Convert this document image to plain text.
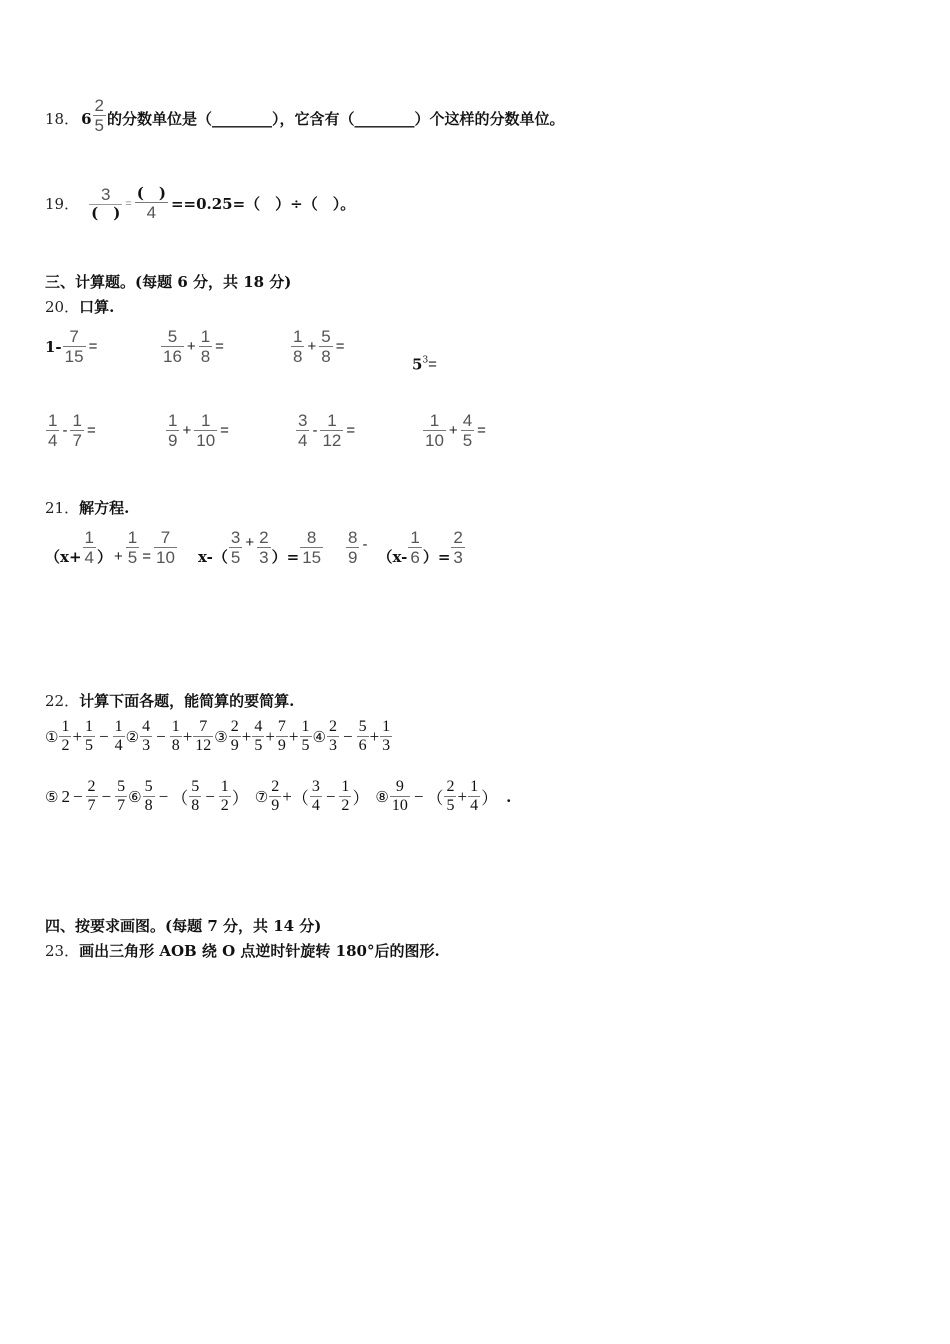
18． 6
2
5 的分数单位是（ ________ ），它含有（ ________ ）个这样的分数单位。
19．	3
(　)
=
(　)
4 ==0.25=（　）÷（　）。
三、计算题。(每题 6 分，共 18 分)
20． 口算.
$1- \frac{7}{15}$ =
5
16
+ $\frac{1}{8}$ =
1
8
+ $\frac{5}{8}$ =
$5^3=$
1
4
- $\frac{1}{7}$ =
1
9
+ $\frac{1}{10}$ =
3
4
- $\frac{1}{12}$ =
1
10
+ $\frac{4}{5}$ =
21． 解方程.
（$x+ \frac{1}{4}$ ） + $\frac{1}{5} = \frac{7}{10} x-$（
3
5
+ $\frac{2}{3}$ ）= $\frac{8}{15} 8$
9
-
（x-
1
6 ）= $\frac{2}{3}$
22． 计算下面各题，能简算的要简算.
①
1
$2 + \frac{1}{5} - \frac{1}{4}$ ②
4
$3 - \frac{1}{8} + \frac{7}{12}$ ③
2
$9 + \frac{4}{5} + \frac{7}{9} + \frac{1}{5}$ ④
2
$3 - \frac{5}{6} + \frac{1}{3}$
⑤ $2 - \frac{2}{7} - \frac{5}{7}$ ⑥
5
8 − （
5
$8 - \frac{1}{2}$ ） ⑦
2
9 + （
3
$4 - \frac{1}{2}$ ） ⑧
9
10 − （
2
$5 + \frac{1}{4}$ ） .
四、按要求画图。(每题 7 分，共 14 分)
23． 画出三角形 AOB 绕 O 点逆时针旋转 180°后的图形.
